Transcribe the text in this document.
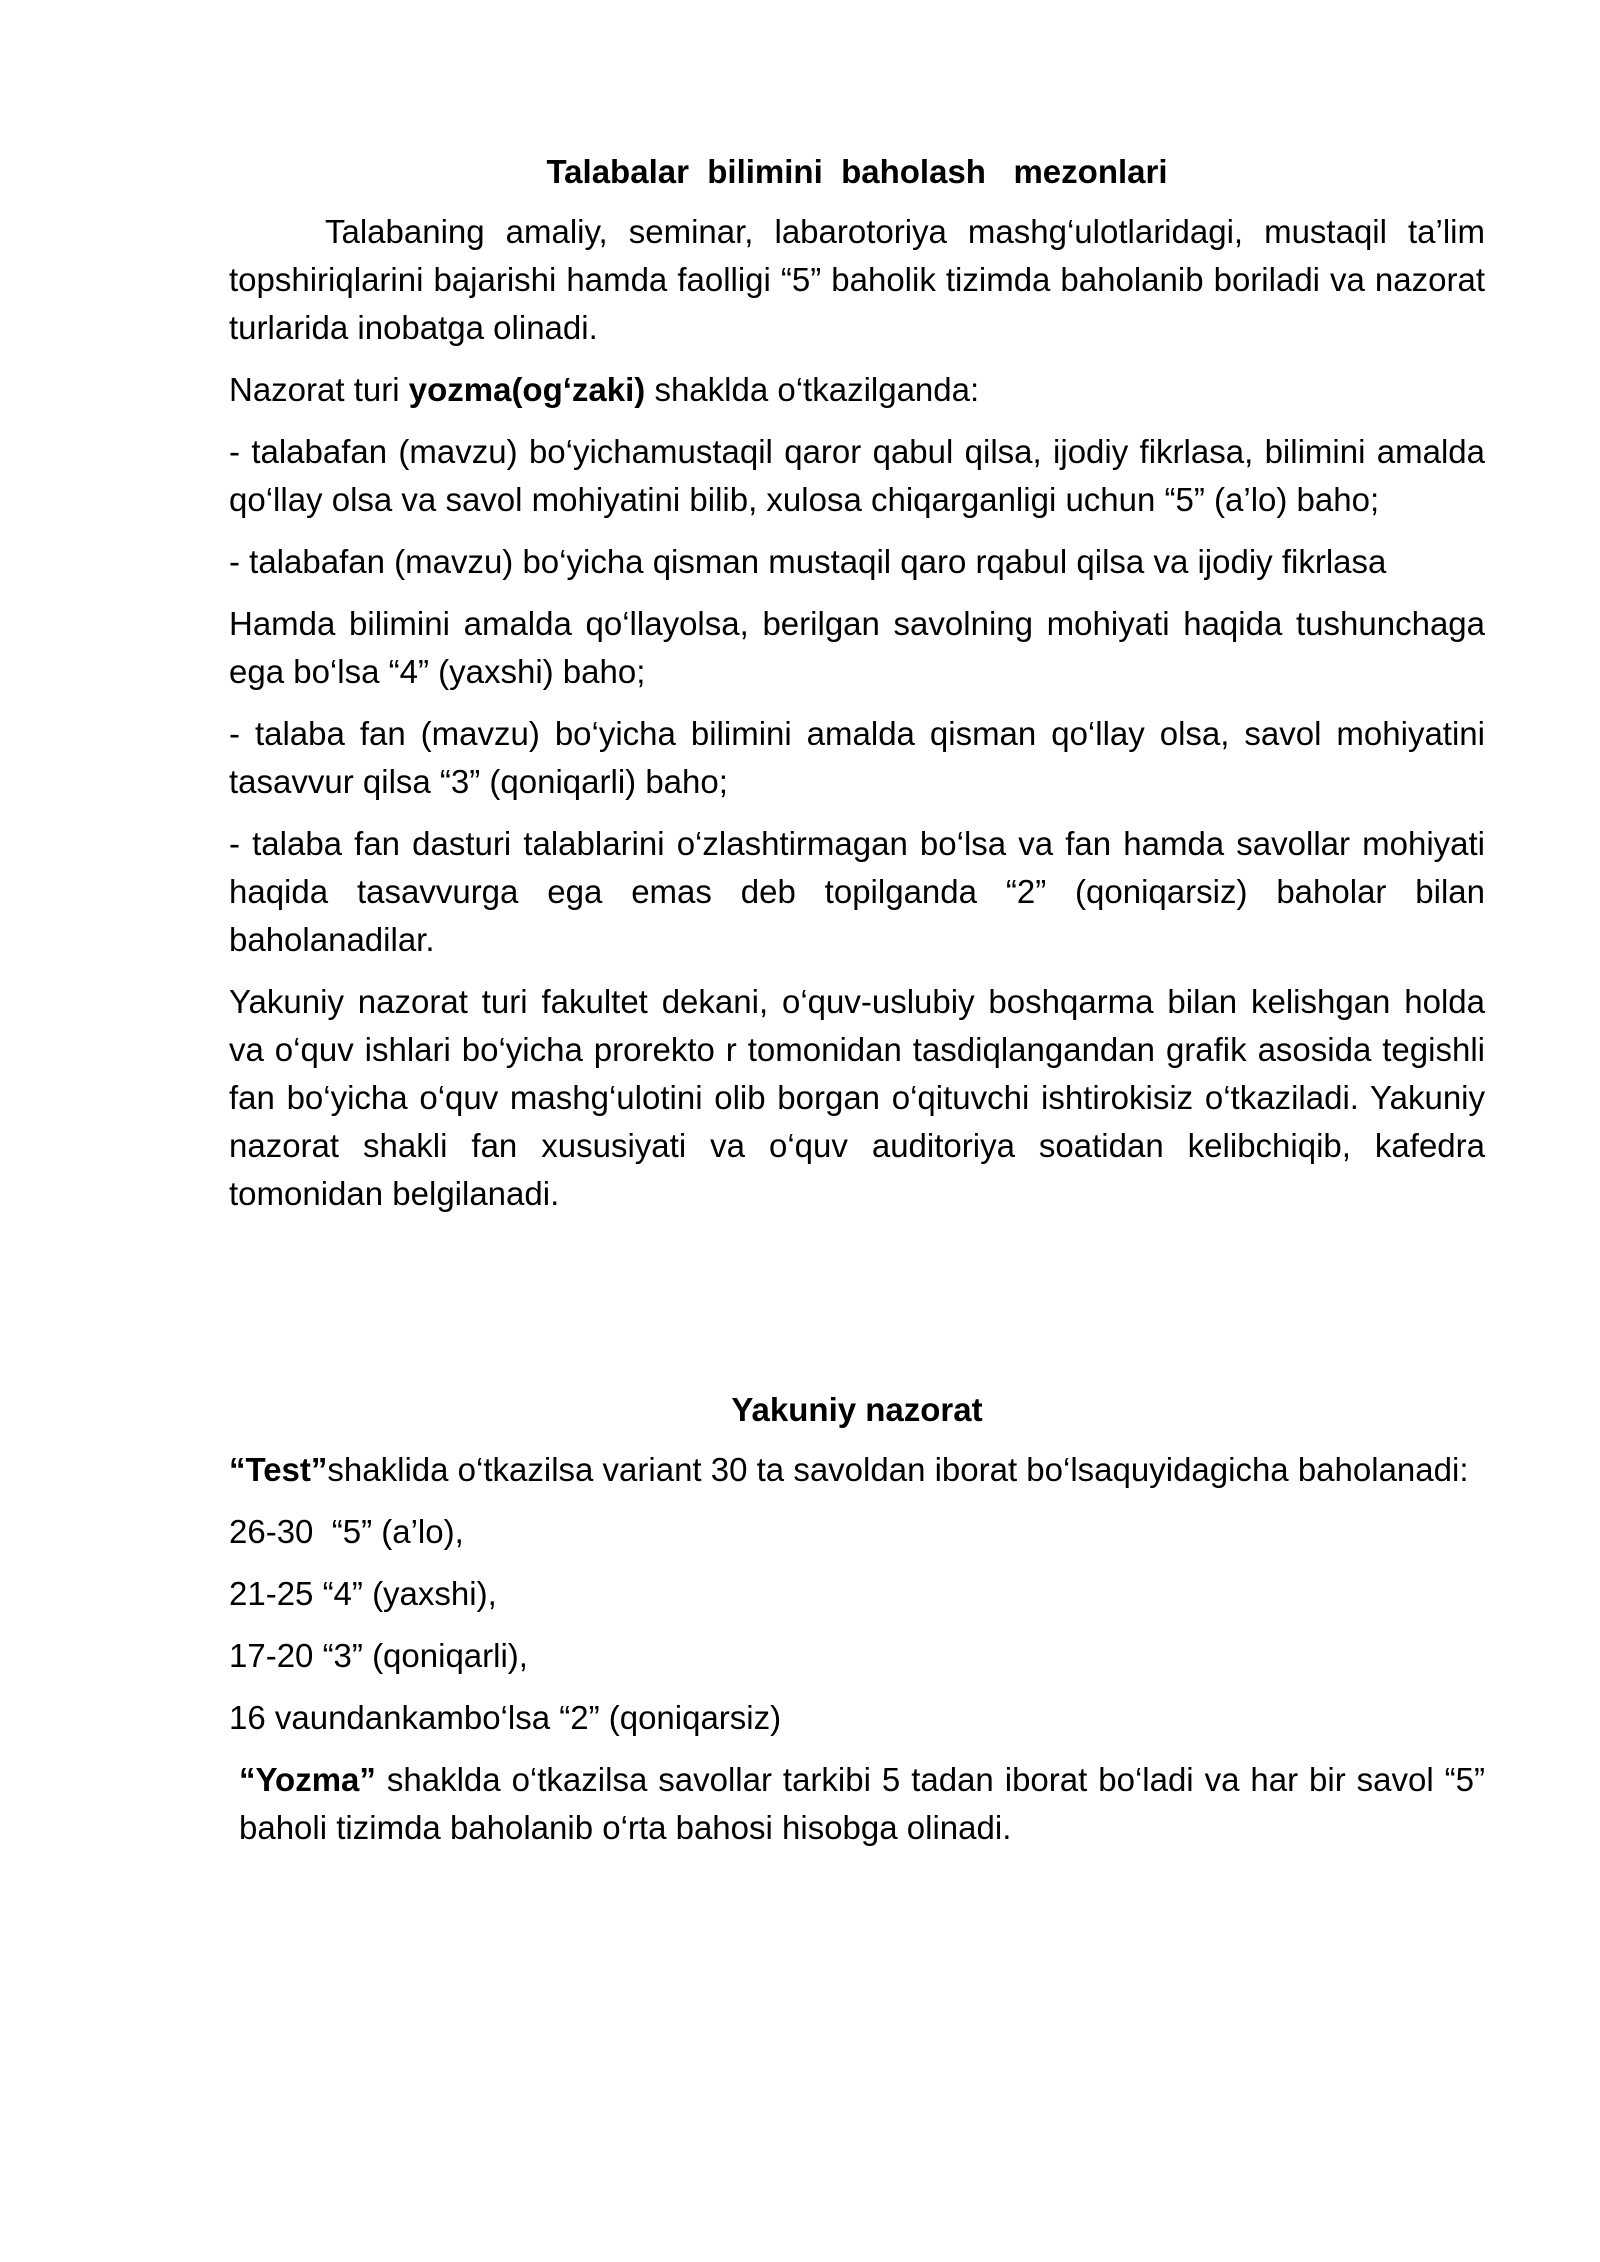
Talabalar  bilimini  baholash   mezonlari

Talabaning amaliy, seminar, labarotoriya mashg‘ulotlaridagi, mustaqil ta’lim topshiriqlarini bajarishi hamda faolligi “5” baholik tizimda baholanib boriladi va nazorat turlarida inobatga olinadi.

Nazorat turi yozma(og‘zaki) shaklda o‘tkazilganda:

- talabafan (mavzu) bo‘yichamustaqil qaror qabul qilsa, ijodiy fikrlasa, bilimini amalda qo‘llay olsa va savol mohiyatini bilib, xulosa chiqarganligi uchun “5” (a’lo) baho;

- talabafan (mavzu) bo‘yicha qisman mustaqil qaro rqabul qilsa va ijodiy fikrlasa

Hamda bilimini amalda qo‘llayolsa, berilgan savolning mohiyati haqida tushunchaga ega bo‘lsa “4” (yaxshi) baho;

- talaba fan (mavzu) bo‘yicha bilimini amalda qisman qo‘llay olsa, savol mohiyatini tasavvur qilsa “3” (qoniqarli) baho;

- talaba fan dasturi talablarini o‘zlashtirmagan bo‘lsa va fan hamda savollar mohiyati haqida tasavvurga ega emas deb topilganda “2” (qoniqarsiz) baholar bilan baholanadilar.

Yakuniy nazorat turi fakultet dekani, o‘quv-uslubiy boshqarma bilan kelishgan holda va o‘quv ishlari bo‘yicha prorekto r tomonidan tasdiqlangandan grafik asosida tegishli fan bo‘yicha o‘quv mashg‘ulotini olib borgan o‘qituvchi ishtirokisiz o‘tkaziladi. Yakuniy nazorat shakli fan xususiyati va o‘quv auditoriya soatidan kelibchiqib, kafedra tomonidan belgilanadi.

Yakuniy nazorat

“Test”shaklida o‘tkazilsa variant 30 ta savoldan iborat bo‘lsaquyidagicha baholanadi:

26-30  “5” (a’lo),

21-25 “4” (yaxshi),

17-20 “3” (qoniqarli),

16 vaundankambo‘lsa “2” (qoniqarsiz)

“Yozma” shaklda o‘tkazilsa savollar tarkibi 5 tadan iborat bo‘ladi va har bir savol “5” baholi tizimda baholanib o‘rta bahosi hisobga olinadi.
